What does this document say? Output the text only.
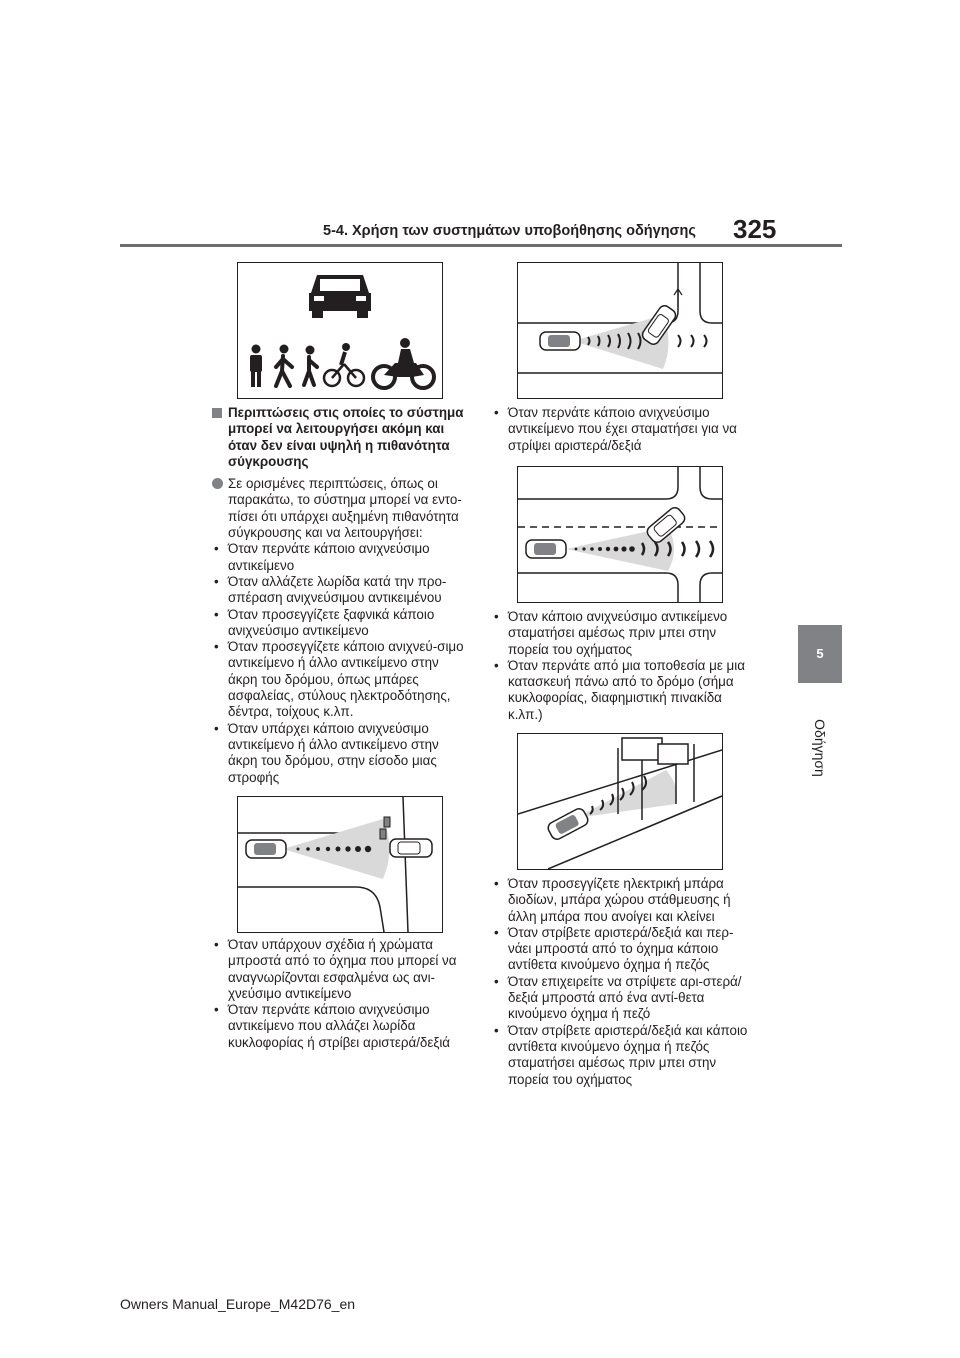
5-4. Χρήση των συστημάτων υποβοήθησης οδήγησης 325
5
Οδήγηση

Περιπτώσεις στις οποίες το σύστημα μπορεί να λειτουργήσει ακόμη και όταν δεν είναι υψηλή η πιθανότητα σύγκρουσης

Σε ορισμένες περιπτώσεις, όπως οι παρακάτω, το σύστημα μπορεί να εντο-πίσει ότι υπάρχει αυξημένη πιθανότητα σύγκρουσης και να λειτουργήσει:

• Όταν περνάτε κάποιο ανιχνεύσιμο αντικείμενο
• Όταν αλλάζετε λωρίδα κατά την προ-σπέραση ανιχνεύσιμου αντικειμένου
• Όταν προσεγγίζετε ξαφνικά κάποιο ανιχνεύσιμο αντικείμενο
• Όταν προσεγγίζετε κάποιο ανιχνεύ-σιμο αντικείμενο ή άλλο αντικείμενο στην άκρη του δρόμου, όπως μπάρες ασφαλείας, στύλους ηλεκτροδότησης, δέντρα, τοίχους κ.λπ.
• Όταν υπάρχει κάποιο ανιχνεύσιμο αντικείμενο ή άλλο αντικείμενο στην άκρη του δρόμου, στην είσοδο μιας στροφής
• Όταν υπάρχουν σχέδια ή χρώματα μπροστά από το όχημα που μπορεί να αναγνωρίζονται εσφαλμένα ως ανι-χνεύσιμο αντικείμενο
• Όταν περνάτε κάποιο ανιχνεύσιμο αντικείμενο που αλλάζει λωρίδα κυκλοφορίας ή στρίβει αριστερά/δεξιά
• Όταν περνάτε κάποιο ανιχνεύσιμο αντικείμενο που έχει σταματήσει για να στρίψει αριστερά/δεξιά
• Όταν κάποιο ανιχνεύσιμο αντικείμενο σταματήσει αμέσως πριν μπει στην πορεία του οχήματος
• Όταν περνάτε από μια τοποθεσία με μια κατασκευή πάνω από το δρόμο (σήμα κυκλοφορίας, διαφημιστική πινακίδα κ.λπ.)
• Όταν προσεγγίζετε ηλεκτρική μπάρα διοδίων, μπάρα χώρου στάθμευσης ή άλλη μπάρα που ανοίγει και κλείνει
• Όταν στρίβετε αριστερά/δεξιά και περ-νάει μπροστά από το όχημα κάποιο αντίθετα κινούμενο όχημα ή πεζός
• Όταν επιχειρείτε να στρίψετε αρι-στερά/δεξιά μπροστά από ένα αντί-θετα κινούμενο όχημα ή πεζό
• Όταν στρίβετε αριστερά/δεξιά και κάποιο αντίθετα κινούμενο όχημα ή πεζός σταματήσει αμέσως πριν μπει στην πορεία του οχήματος
Owners Manual_Europe_M42D76_en
